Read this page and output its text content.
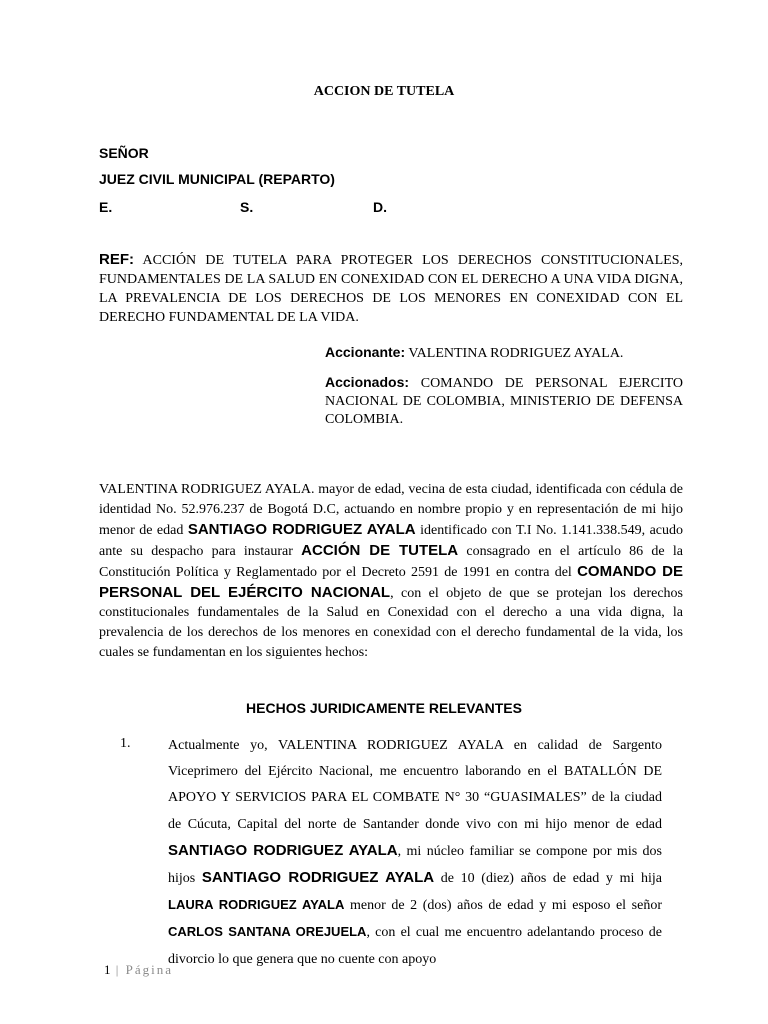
ACCION DE TUTELA
SEÑOR
JUEZ CIVIL MUNICIPAL (REPARTO)
E.	S.	D.
REF: ACCIÓN DE TUTELA PARA PROTEGER LOS DERECHOS CONSTITUCIONALES, FUNDAMENTALES DE LA SALUD EN CONEXIDAD CON EL DERECHO A UNA VIDA DIGNA, LA PREVALENCIA DE LOS DERECHOS DE LOS MENORES EN CONEXIDAD CON EL DERECHO FUNDAMENTAL DE LA VIDA.
Accionante: VALENTINA RODRIGUEZ AYALA.
Accionados: COMANDO DE PERSONAL EJERCITO NACIONAL DE COLOMBIA, MINISTERIO DE DEFENSA COLOMBIA.
VALENTINA RODRIGUEZ AYALA. mayor de edad, vecina de esta ciudad, identificada con cédula de identidad No. 52.976.237 de Bogotá D.C, actuando en nombre propio y en representación de mi hijo menor de edad SANTIAGO RODRIGUEZ AYALA identificado con T.I No. 1.141.338.549, acudo ante su despacho para instaurar ACCIÓN DE TUTELA consagrado en el artículo 86 de la Constitución Política y Reglamentado por el Decreto 2591 de 1991 en contra del COMANDO DE PERSONAL DEL EJÉRCITO NACIONAL, con el objeto de que se protejan los derechos constitucionales fundamentales de la Salud en Conexidad con el derecho a una vida digna, la prevalencia de los derechos de los menores en conexidad con el derecho fundamental de la vida, los cuales se fundamentan en los siguientes hechos:
HECHOS JURIDICAMENTE RELEVANTES
1.	Actualmente yo, VALENTINA RODRIGUEZ AYALA en calidad de Sargento Viceprimero del Ejército Nacional, me encuentro laborando en el BATALLÓN DE APOYO Y SERVICIOS PARA EL COMBATE N° 30 “GUASIMALES” de la ciudad de Cúcuta, Capital del norte de Santander donde vivo con mi hijo menor de edad SANTIAGO RODRIGUEZ AYALA, mi núcleo familiar se compone por mis dos hijos SANTIAGO RODRIGUEZ AYALA de 10 (diez) años de edad y mi hija LAURA RODRIGUEZ AYALA menor de 2 (dos) años de edad y mi esposo el señor CARLOS SANTANA OREJUELA, con el cual me encuentro adelantando proceso de divorcio lo que genera que no cuente con apoyo
1 | Página
